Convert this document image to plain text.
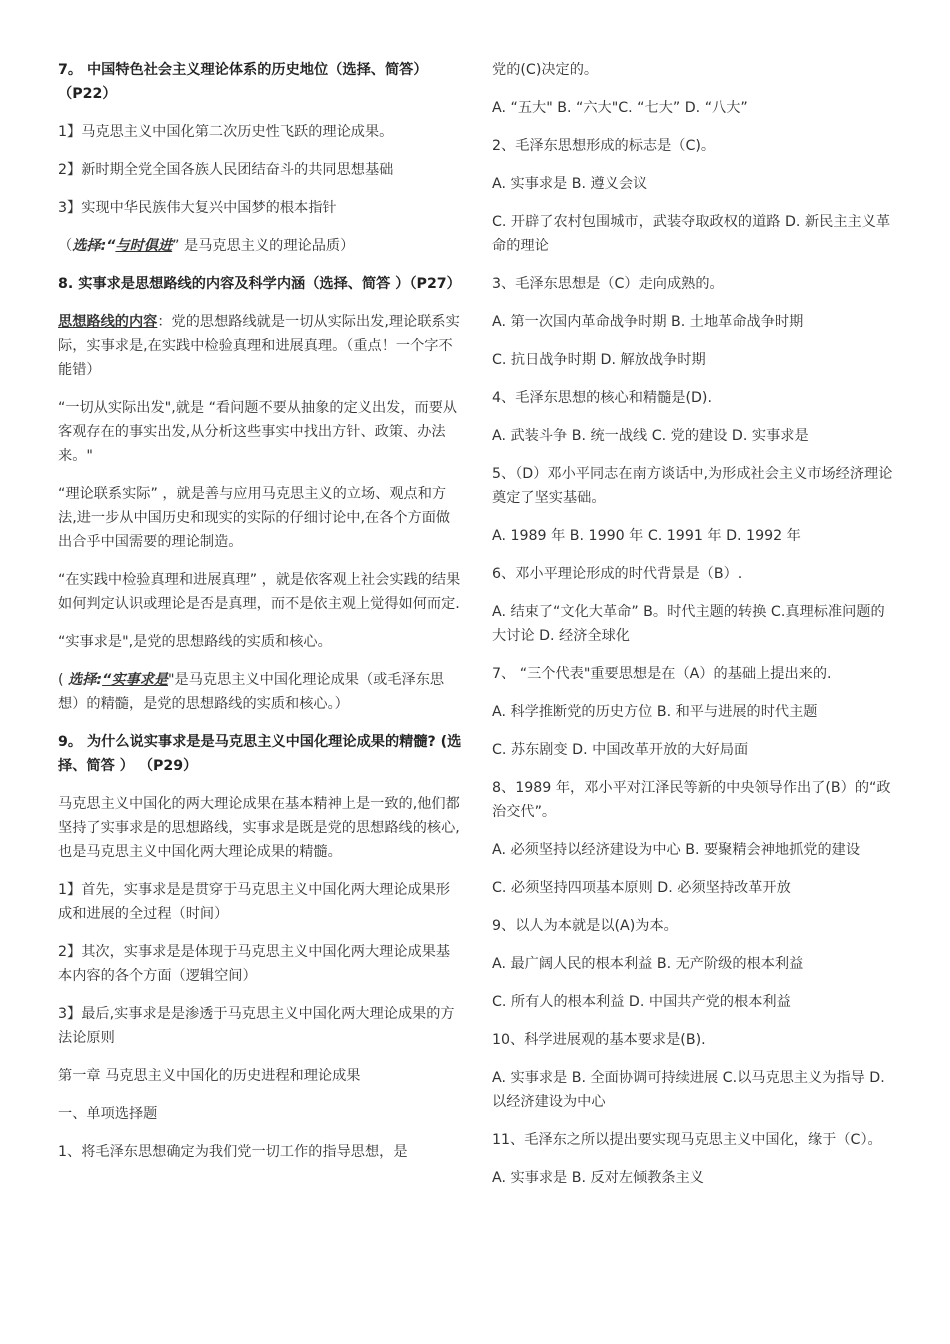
7。 中国特色社会主义理论体系的历史地位（选择、简答） （P22）

1】马克思主义中国化第二次历史性飞跃的理论成果。

2】新时期全党全国各族人民团结奋斗的共同思想基础

3】实现中华民族伟大复兴中国梦的根本指针

（选择:“与时俱进” 是马克思主义的理论品质）

8. 实事求是思想路线的内容及科学内涵（选择、简答 ）（P27）

思想路线的内容：党的思想路线就是一切从实际出发,理论联系实际，实事求是,在实践中检验真理和进展真理。（重点！一个字不能错）

“一切从实际出发",就是 “看问题不要从抽象的定义出发，而要从客观存在的事实出发,从分析这些事实中找出方针、政策、办法来。"

“理论联系实际” ，就是善与应用马克思主义的立场、观点和方法,进一步从中国历史和现实的实际的仔细讨论中,在各个方面做出合乎中国需要的理论制造。

“在实践中检验真理和进展真理” ，就是依客观上社会实践的结果如何判定认识或理论是否是真理，而不是依主观上觉得如何而定.

“实事求是",是党的思想路线的实质和核心。

( 选择:“实事求是"是马克思主义中国化理论成果（或毛泽东思想）的精髓，是党的思想路线的实质和核心。）

9。 为什么说实事求是是马克思主义中国化理论成果的精髓? (选择、简答 ） （P29）

马克思主义中国化的两大理论成果在基本精神上是一致的,他们都坚持了实事求是的思想路线，实事求是既是党的思想路线的核心,也是马克思主义中国化两大理论成果的精髓。

1】首先，实事求是是贯穿于马克思主义中国化两大理论成果形成和进展的全过程（时间）

2】其次，实事求是是体现于马克思主义中国化两大理论成果基本内容的各个方面（逻辑空间）

3】最后,实事求是是渗透于马克思主义中国化两大理论成果的方法论原则

第一章 马克思主义中国化的历史进程和理论成果

一、单项选择题

1、将毛泽东思想确定为我们党一切工作的指导思想，是

党的(C)决定的。

A. “五大" B. “六大"C. “七大” D. “八大”

2、毛泽东思想形成的标志是（C)。

A. 实事求是 B. 遵义会议

C. 开辟了农村包围城市，武装夺取政权的道路 D. 新民主主义革命的理论

3、毛泽东思想是（C）走向成熟的。

A. 第一次国内革命战争时期 B. 土地革命战争时期

C. 抗日战争时期 D. 解放战争时期

4、毛泽东思想的核心和精髓是(D).

A. 武装斗争 B. 统一战线 C. 党的建设 D. 实事求是

5、（D）邓小平同志在南方谈话中,为形成社会主义市场经济理论奠定了坚实基础。

A. 1989 年 B. 1990 年 C. 1991 年 D. 1992 年

6、邓小平理论形成的时代背景是（B）.

A. 结束了“文化大革命” B。时代主题的转换 C.真理标准问题的大讨论 D. 经济全球化

7、 “三个代表"重要思想是在（A）的基础上提出来的.

A. 科学推断党的历史方位 B. 和平与进展的时代主题

C. 苏东剧变 D. 中国改革开放的大好局面

8、1989 年，邓小平对江泽民等新的中央领导作出了(B）的“政治交代”。

A. 必须坚持以经济建设为中心 B. 要聚精会神地抓党的建设

C. 必须坚持四项基本原则 D. 必须坚持改革开放

9、以人为本就是以(A)为本。

A. 最广阔人民的根本利益 B. 无产阶级的根本利益

C. 所有人的根本利益 D. 中国共产党的根本利益

10、科学进展观的基本要求是(B).

A. 实事求是 B. 全面协调可持续进展 C.以马克思主义为指导 D. 以经济建设为中心

11、毛泽东之所以提出要实现马克思主义中国化，缘于（C）。

A. 实事求是 B. 反对左倾教条主义
